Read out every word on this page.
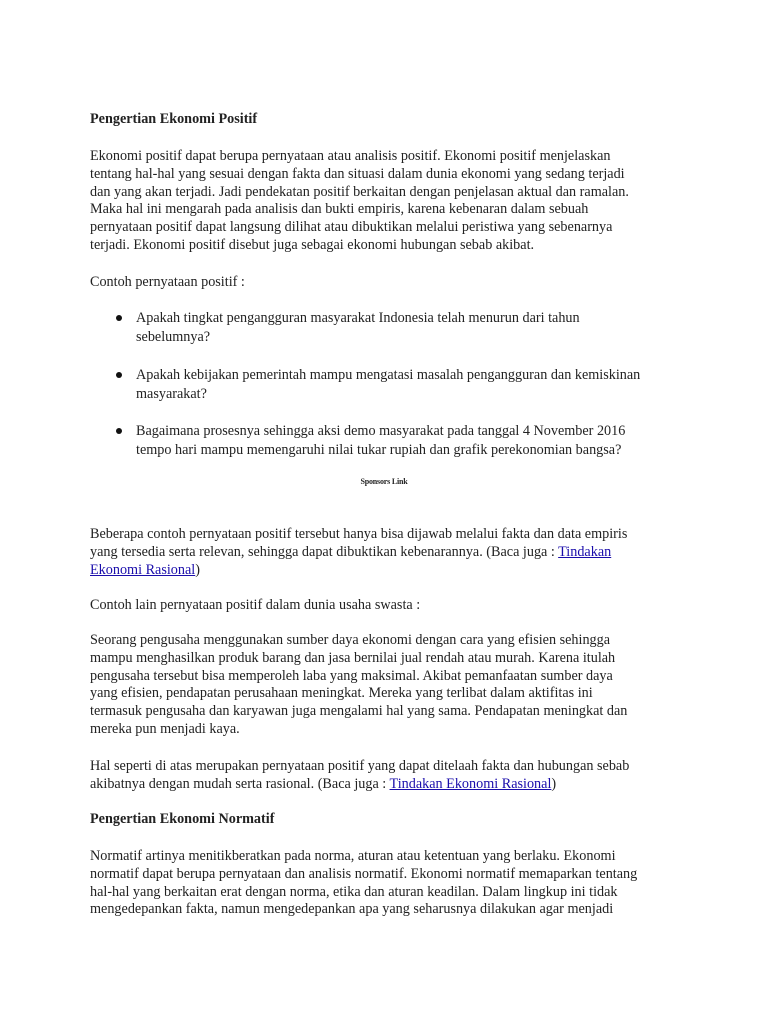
Pengertian Ekonomi Positif
Ekonomi positif dapat berupa pernyataan atau analisis positif. Ekonomi positif menjelaskan
tentang hal-hal yang sesuai dengan fakta dan situasi dalam dunia ekonomi yang sedang terjadi
dan yang akan terjadi. Jadi pendekatan positif berkaitan dengan penjelasan aktual dan ramalan.
Maka hal ini mengarah pada analisis dan bukti empiris, karena kebenaran dalam sebuah
pernyataan positif dapat langsung dilihat atau dibuktikan melalui peristiwa yang sebenarnya
terjadi. Ekonomi positif disebut juga sebagai ekonomi hubungan sebab akibat.
Contoh pernyataan positif :
Apakah tingkat pengangguran masyarakat Indonesia telah menurun dari tahun
sebelumnya?
Apakah kebijakan pemerintah mampu mengatasi masalah pengangguran dan kemiskinan
masyarakat?
Bagaimana prosesnya sehingga aksi demo masyarakat pada tanggal 4 November 2016
tempo hari mampu memengaruhi nilai tukar rupiah dan grafik perekonomian bangsa?
Sponsors Link
Beberapa contoh pernyataan positif tersebut hanya bisa dijawab melalui fakta dan data empiris
yang tersedia serta relevan, sehingga dapat dibuktikan kebenarannya. (Baca juga : Tindakan
Ekonomi Rasional)
Contoh lain pernyataan positif dalam dunia usaha swasta :
Seorang pengusaha menggunakan sumber daya ekonomi dengan cara yang efisien sehingga
mampu menghasilkan produk barang dan jasa bernilai jual rendah atau murah. Karena itulah
pengusaha tersebut bisa memperoleh laba yang maksimal. Akibat pemanfaatan sumber daya
yang efisien, pendapatan perusahaan meningkat. Mereka yang terlibat dalam aktifitas ini
termasuk pengusaha dan karyawan juga mengalami hal yang sama. Pendapatan meningkat dan
mereka pun menjadi kaya.
Hal seperti di atas merupakan pernyataan positif yang dapat ditelaah fakta dan hubungan sebab
akibatnya dengan mudah serta rasional. (Baca juga : Tindakan Ekonomi Rasional)
Pengertian Ekonomi Normatif
Normatif artinya menitikberatkan pada norma, aturan atau ketentuan yang berlaku. Ekonomi
normatif dapat berupa pernyataan dan analisis normatif. Ekonomi normatif memaparkan tentang
hal-hal yang berkaitan erat dengan norma, etika dan aturan keadilan. Dalam lingkup ini tidak
mengedepankan fakta, namun mengedepankan apa yang seharusnya dilakukan agar menjadi
